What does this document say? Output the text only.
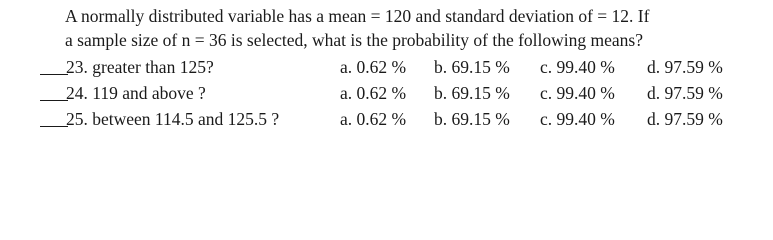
A normally distributed variable has a mean = 120 and standard deviation of = 12. If
a sample size of n = 36 is selected, what is the probability of the following means?
23. greater than 125?	a. 0.62 % b. 69.15 % c. 99.40 % d. 97.59 %
24. 119 and above ?	a. 0.62 % b. 69.15 % c. 99.40 % d. 97.59 %
25. between 114.5 and 125.5 ?	a. 0.62 % b. 69.15 % c. 99.40 % d. 97.59 %
